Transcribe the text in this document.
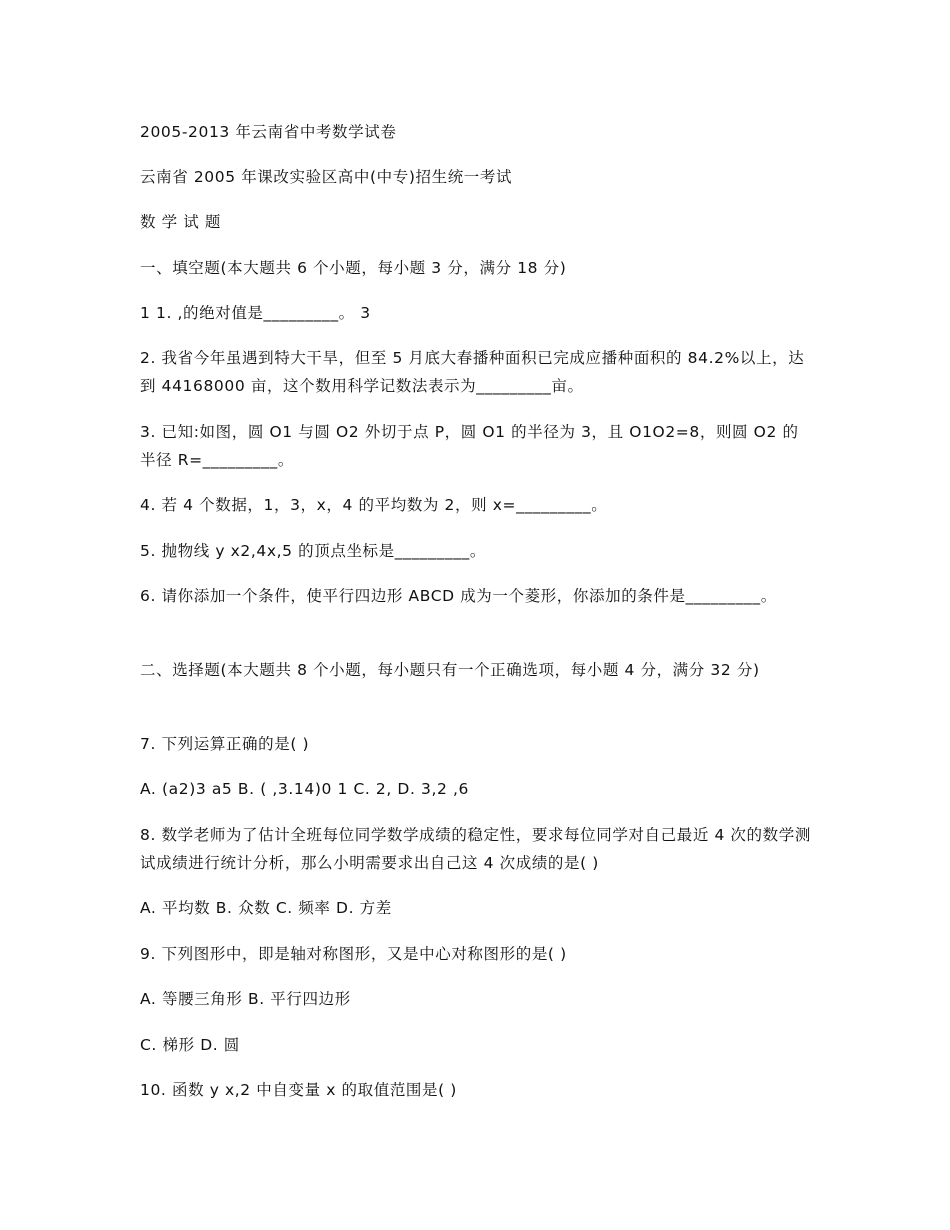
2005-2013 年云南省中考数学试卷

云南省 2005 年课改实验区高中(中专)招生统一考试

数 学 试 题

一、填空题(本大题共 6 个小题，每小题 3 分，满分 18 分)

1 1. ,的绝对值是_________。 3

2. 我省今年虽遇到特大干旱，但至 5 月底大春播种面积已完成应播种面积的 84.2%以上，达到 44168000 亩，这个数用科学记数法表示为_________亩。

3. 已知:如图，圆 O1 与圆 O2 外切于点 P，圆 O1 的半径为 3，且 O1O2=8，则圆 O2 的半径 R=_________。

4. 若 4 个数据，1，3，x，4 的平均数为 2，则 x=_________。

5. 抛物线 y x2,4x,5 的顶点坐标是_________。

6. 请你添加一个条件，使平行四边形 ABCD 成为一个菱形，你添加的条件是_________。

二、选择题(本大题共 8 个小题，每小题只有一个正确选项，每小题 4 分，满分 32 分)

7. 下列运算正确的是( )

A. (a2)3 a5 B. ( ,3.14)0 1 C. 2, D. 3,2 ,6

8. 数学老师为了估计全班每位同学数学成绩的稳定性，要求每位同学对自己最近 4 次的数学测试成绩进行统计分析，那么小明需要求出自己这 4 次成绩的是( )

A. 平均数 B. 众数 C. 频率 D. 方差

9. 下列图形中，即是轴对称图形，又是中心对称图形的是( )

A. 等腰三角形 B. 平行四边形

C. 梯形 D. 圆

10. 函数 y x,2 中自变量 x 的取值范围是( )
